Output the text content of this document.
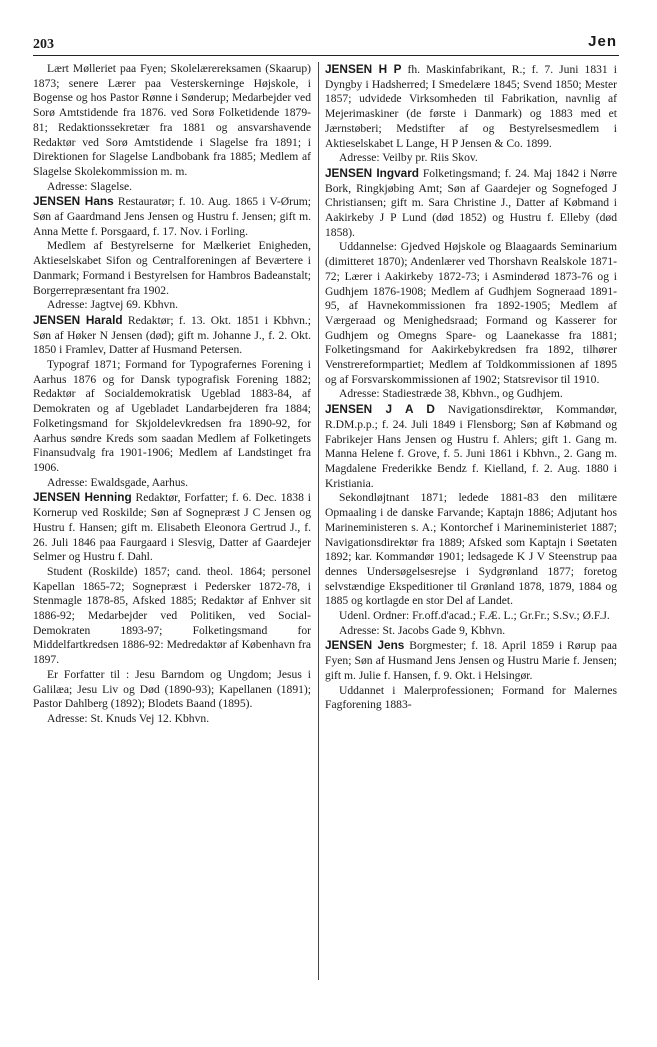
203	Jen

Lært Mølleriet paa Fyen; Skolelærereksamen (Skaarup) 1873; senere Lærer paa Vesterskerninge Højskole, i Bogense og hos Pastor Rønne i Sønderup; Medarbejder ved Sorø Amtstidende fra 1876. ved Sorø Folketidende 1879-81; Redaktionssekretær fra 1881 og ansvarshavende Redaktør ved Sorø Amtstidende i Slagelse fra 1891; i Direktionen for Slagelse Landbobank fra 1885; Medlem af Slagelse Skolekommission m. m.

Adresse: Slagelse.

JENSEN Hans Restauratør; f. 10. Aug. 1865 i V-Ørum; Søn af Gaardmand Jens Jensen og Hustru f. Jensen; gift m. Anna Mette f. Porsgaard, f. 17. Nov. i Forling.

Medlem af Bestyrelserne for Mælkeriet Enigheden, Aktieselskabet Sifon og Centralforeningen af Beværtere i Danmark; Formand i Bestyrelsen for Hambros Badeanstalt; Borgerrepræsentant fra 1902.

Adresse: Jagtvej 69. Kbhvn.

JENSEN Harald Redaktør; f. 13. Okt. 1851 i Kbhvn.; Søn af Høker N Jensen (død); gift m. Johanne J., f. 2. Okt. 1850 i Framlev, Datter af Husmand Petersen.

Typograf 1871; Formand for Typografernes Forening i Aarhus 1876 og for Dansk typografisk Forening 1882; Redaktør af Socialdemokratisk Ugeblad 1883-84, af Demokraten og af Ugebladet Landarbejderen fra 1884; Folketingsmand for Skjoldelevkredsen fra 1890-92, for Aarhus søndre Kreds som saadan Medlem af Folketingets Finansudvalg fra 1901-1906; Medlem af Landstinget fra 1906.

Adresse: Ewaldsgade, Aarhus.

JENSEN Henning Redaktør, Forfatter; f. 6. Dec. 1838 i Kornerup ved Roskilde; Søn af Sognepræst J C Jensen og Hustru f. Hansen; gift m. Elisabeth Eleonora Gertrud J., f. 26. Juli 1846 paa Faurgaard i Slesvig, Datter af Gaardejer Selmer og Hustru f. Dahl.

Student (Roskilde) 1857; cand. theol. 1864; personel Kapellan 1865-72; Sognepræst i Pedersker 1872-78, i Stenmagle 1878-85, Afsked 1885; Redaktør af Enhver sit 1886-92; Medarbejder ved Politiken, ved Social-Demokraten 1893-97; Folketingsmand for Middelfartkredsen 1886-92: Medredaktør af København fra 1897.

Er Forfatter til : Jesu Barndom og Ungdom; Jesus i Galilæa; Jesu Liv og Død (1890-93); Kapellanen (1891); Pastor Dahlberg (1892); Blodets Baand (1895).

Adresse: St. Knuds Vej 12. Kbhvn.

JENSEN H P fh. Maskinfabrikant, R.; f. 7. Juni 1831 i Dyngby i Hadsherred; I Smedelære 1845; Svend 1850; Mester 1857; udvidede Virksomheden til Fabrikation, navnlig af Mejerimaskiner (de første i Danmark) og 1883 med et Jærnstøberi; Medstifter af og Bestyrelsesmedlem i Aktieselskabet L Lange, H P Jensen & Co. 1899.

Adresse: Veilby pr. Riis Skov.

JENSEN Ingvard Folketingsmand; f. 24. Maj 1842 i Nørre Bork, Ringkjøbing Amt; Søn af Gaardejer og Sognefoged J Christiansen; gift m. Sara Christine J., Datter af Købmand i Aakirkeby J P Lund (død 1852) og Hustru f. Elleby (død 1858).

Uddannelse: Gjedved Højskole og Blaagaards Seminarium (dimitteret 1870); Andenlærer ved Thorshavn Realskole 1871-72; Lærer i Aakirkeby 1872-73; i Asminderød 1873-76 og i Gudhjem 1876-1908; Medlem af Gudhjem Sogneraad 1891-95, af Havnekommissionen fra 1892-1905; Medlem af Værgeraad og Menighedsraad; Formand og Kasserer for Gudhjem og Omegns Spare- og Laanekasse fra 1881; Folketingsmand for Aakirkebykredsen fra 1892, tilhører Venstrereformpartiet; Medlem af Toldkommissionen af 1895 og af Forsvarskommissionen af 1902; Statsrevisor til 1910.

Adresse: Stadiestræde 38, Kbhvn., og Gudhjem.

JENSEN J A D Navigationsdirektør, Kommandør, R.DM.p.p.; f. 24. Juli 1849 i Flensborg; Søn af Købmand og Fabrikejer Hans Jensen og Hustru f. Ahlers; gift 1. Gang m. Manna Helene f. Grove, f. 5. Juni 1861 i Kbhvn., 2. Gang m. Magdalene Frederikke Bendz f. Kielland, f. 2. Aug. 1880 i Kristiania.

Sekondløjtnant 1871; ledede 1881-83 den militære Opmaaling i de danske Farvande; Kaptajn 1886; Adjutant hos Marineministeren s. A.; Kontorchef i Marineministeriet 1887; Navigationsdirektør fra 1889; Afsked som Kaptajn i Søetaten 1892; kar. Kommandør 1901; ledsagede K J V Steenstrup paa dennes Undersøgelsesrejse i Sydgrønland 1877; foretog selvstændige Ekspeditioner til Grønland 1878, 1879, 1884 og 1885 og kortlagde en stor Del af Landet.

Udenl. Ordner: Fr.off.d'acad.; F.Æ. L.; Gr.Fr.; S.Sv.; Ø.F.J.

Adresse: St. Jacobs Gade 9, Kbhvn.

JENSEN Jens Borgmester; f. 18. April 1859 i Rørup paa Fyen; Søn af Husmand Jens Jensen og Hustru Marie f. Jensen; gift m. Julie f. Hansen, f. 9. Okt. i Helsingør.

Uddannet i Malerprofessionen; Formand for Malernes Fagforening 1883-
